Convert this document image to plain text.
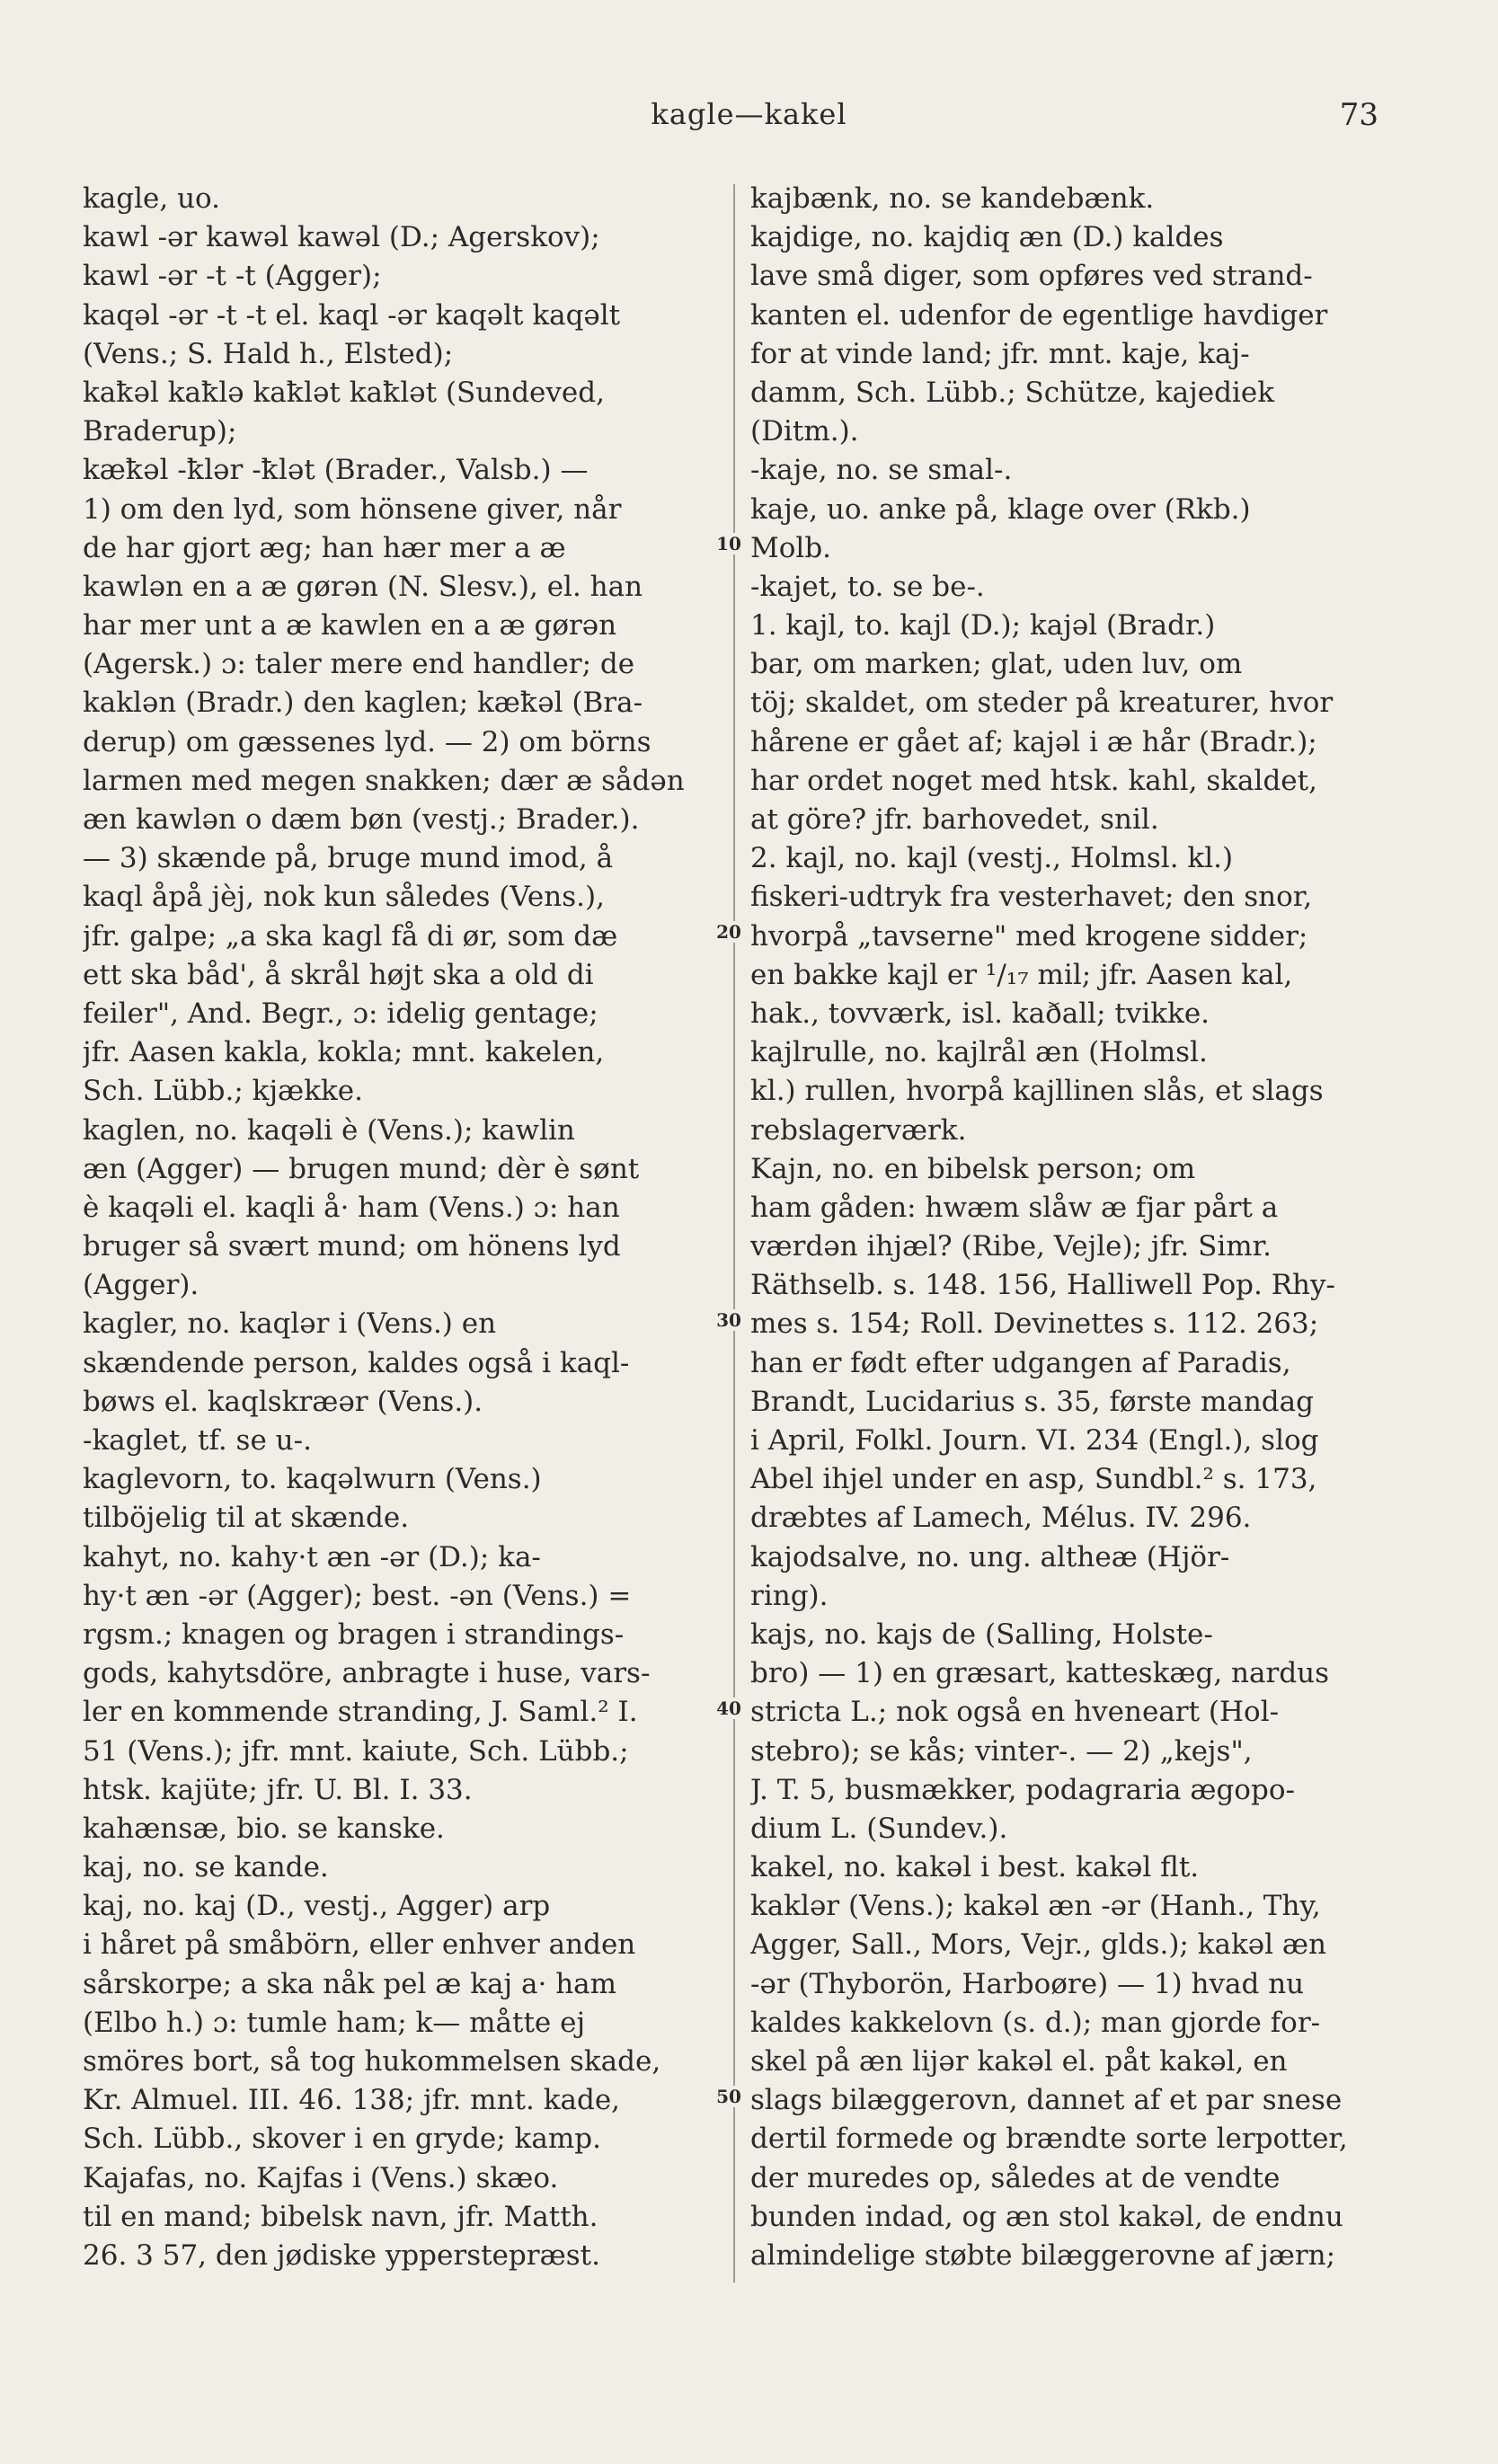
kagle—kakel	73
kagle, uo.
kawl -ər kawəl kawəl (D.; Agerskov);
kawl -ər -t -t (Agger);
kaqəl -ər -t -t el. kaql -ər kaqəlt kaqəlt
(Vens.; S. Hald h., Elsted);
kaꝁəl kaꝁlə kaꝁlət kaꝁlət (Sundeved,
Braderup);
kæꝁəl -ꝁlər -ꝁlət (Brader., Valsb.) —
1) om den lyd, som hönsene giver, når
de har gjort æg; han hær mer a æ
kawlən en a æ gørən (N. Slesv.), el. han
har mer unt a æ kawlen en a æ gørən
(Agersk.) ɔ: taler mere end handler; de
kaklən (Bradr.) den kaglen; kæꝁəl (Bra-
derup) om gæssenes lyd. — 2) om börns
larmen med megen snakken; dær æ sådən
æn kawlən o dæm bøn (vestj.; Brader.).
— 3) skænde på, bruge mund imod, å
kaql åpå jèj, nok kun således (Vens.),
jfr. galpe; „a ska kagl få di ør, som dæ
ett ska båd', å skrål højt ska a old di
feiler", And. Begr., ɔ: idelig gentage;
jfr. Aasen kakla, kokla; mnt. kakelen,
Sch. Lübb.; kjække.
kaglen, no. kaqəli è (Vens.); kawlin
æn (Agger) — brugen mund; dèr è sønt
è kaqəli el. kaqli å· ham (Vens.) ɔ: han
bruger så svært mund; om hönens lyd
(Agger).
kagler, no. kaqlər i (Vens.) en
skændende person, kaldes også i kaql-
bøws el. kaqlskræər (Vens.).
-kaglet, tf. se u-.
kaglevorn, to. kaqəlwurn (Vens.)
tilböjelig til at skænde.
kahyt, no. kahy·t æn -ər (D.); ka-
hy·t æn -ər (Agger); best. -ən (Vens.) =
rgsm.; knagen og bragen i strandings-
gods, kahytsdöre, anbragte i huse, vars-
ler en kommende stranding, J. Saml.² I.
51 (Vens.); jfr. mnt. kaiute, Sch. Lübb.;
htsk. kajüte; jfr. U. Bl. I. 33.
kahænsæ, bio. se kanske.
kaj, no. se kande.
kaj, no. kaj (D., vestj., Agger) arp
i håret på småbörn, eller enhver anden
sårskorpe; a ska nåk pel æ kaj a· ham
(Elbo h.) ɔ: tumle ham; k— måtte ej
smöres bort, så tog hukommelsen skade,
Kr. Almuel. III. 46. 138; jfr. mnt. kade,
Sch. Lübb., skover i en gryde; kamp.
Kajafas, no. Kajfas i (Vens.) skæo.
til en mand; bibelsk navn, jfr. Matth.
26. 3 57, den jødiske ypperstepræst.
kajbænk, no. se kandebænk.
kajdige, no. kajdiq æn (D.) kaldes
lave små diger, som opføres ved strand-
kanten el. udenfor de egentlige havdiger
for at vinde land; jfr. mnt. kaje, kaj-
damm, Sch. Lübb.; Schütze, kajediek
(Ditm.).
-kaje, no. se smal-.
kaje, uo. anke på, klage over (Rkb.)
Molb.
-kajet, to. se be-.
1. kajl, to. kajl (D.); kajəl (Bradr.)
bar, om marken; glat, uden luv, om
töj; skaldet, om steder på kreaturer, hvor
hårene er gået af; kajəl i æ hår (Bradr.);
har ordet noget med htsk. kahl, skaldet,
at göre? jfr. barhovedet, snil.
2. kajl, no. kajl (vestj., Holmsl. kl.)
fiskeri-udtryk fra vesterhavet; den snor,
hvorpå „tavserne" med krogene sidder;
en bakke kajl er ¹/₁₇ mil; jfr. Aasen kal,
hak., tovværk, isl. kaðall; tvikke.
kajlrulle, no. kajlrål æn (Holmsl.
kl.) rullen, hvorpå kajllinen slås, et slags
rebslagerværk.
Kajn, no. en bibelsk person; om
ham gåden: hwæm slåw æ fjar pårt a
værdən ihjæl? (Ribe, Vejle); jfr. Simr.
Räthselb. s. 148. 156, Halliwell Pop. Rhy-
mes s. 154; Roll. Devinettes s. 112. 263;
han er født efter udgangen af Paradis,
Brandt, Lucidarius s. 35, første mandag
i April, Folkl. Journ. VI. 234 (Engl.), slog
Abel ihjel under en asp, Sundbl.² s. 173,
dræbtes af Lamech, Mélus. IV. 296.
kajodsalve, no. ung. altheæ (Hjör-
ring).
kajs, no. kajs de (Salling, Holste-
bro) — 1) en græsart, katteskæg, nardus
stricta L.; nok også en hveneart (Hol-
stebro); se kås; vinter-. — 2) „kejs",
J. T. 5, busmækker, podagraria ægopo-
dium L. (Sundev.).
kakel, no. kakəl i best. kakəl flt.
kaklər (Vens.); kakəl æn -ər (Hanh., Thy,
Agger, Sall., Mors, Vejr., glds.); kakəl æn
-ər (Thyborön, Harboøre) — 1) hvad nu
kaldes kakkelovn (s. d.); man gjorde for-
skel på æn lijər kakəl el. påt kakəl, en
slags bilæggerovn, dannet af et par snese
dertil formede og brændte sorte lerpotter,
der muredes op, således at de vendte
bunden indad, og æn stol kakəl, de endnu
almindelige støbte bilæggerovne af jærn;
10
20
30
40
50
